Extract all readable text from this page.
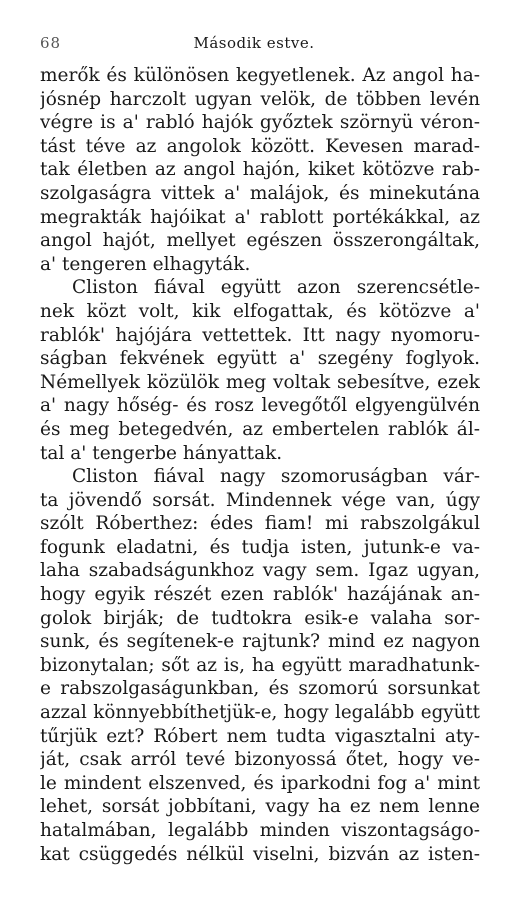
68	Második estve.
merők és különösen kegyetlenek. Az angol ha-
jósnép harczolt ugyan velök, de többen levén
végre is a' rabló hajók győztek szörnyü véron-
tást téve az angolok között. Kevesen marad-
tak életben az angol hajón, kiket kötözve rab-
szolgaságra vittek a' malájok, és minekutána
megrakták hajóikat a' rablott portékákkal, az
angol hajót, mellyet egészen összerongáltak,
a' tengeren elhagyták.
Cliston fiával együtt azon szerencsétle-
nek közt volt, kik elfogattak, és kötözve a'
rablók' hajójára vettettek. Itt nagy nyomoru-
ságban fekvének együtt a' szegény foglyok.
Némellyek közülök meg voltak sebesítve, ezek
a' nagy hőség- és rosz levegőtől elgyengülvén
és meg betegedvén, az embertelen rablók ál-
tal a' tengerbe hányattak.
Cliston fiával nagy szomoruságban vár-
ta jövendő sorsát. Mindennek vége van, úgy
szólt Róberthez: édes fiam! mi rabszolgákul
fogunk eladatni, és tudja isten, jutunk-e va-
laha szabadságunkhoz vagy sem. Igaz ugyan,
hogy egyik részét ezen rablók' hazájának an-
golok birják; de tudtokra esik-e valaha sor-
sunk, és segítenek-e rajtunk? mind ez nagyon
bizonytalan; sőt az is, ha együtt maradhatunk-
e rabszolgaságunkban, és szomorú sorsunkat
azzal könnyebbíthetjük-e, hogy legalább együtt
tűrjük ezt? Róbert nem tudta vigasztalni aty-
ját, csak arról tevé bizonyossá őtet, hogy ve-
le mindent elszenved, és iparkodni fog a' mint
lehet, sorsát jobbítani, vagy ha ez nem lenne
hatalmában, legalább minden viszontagságo-
kat csüggedés nélkül viselni, bizván az isten-
